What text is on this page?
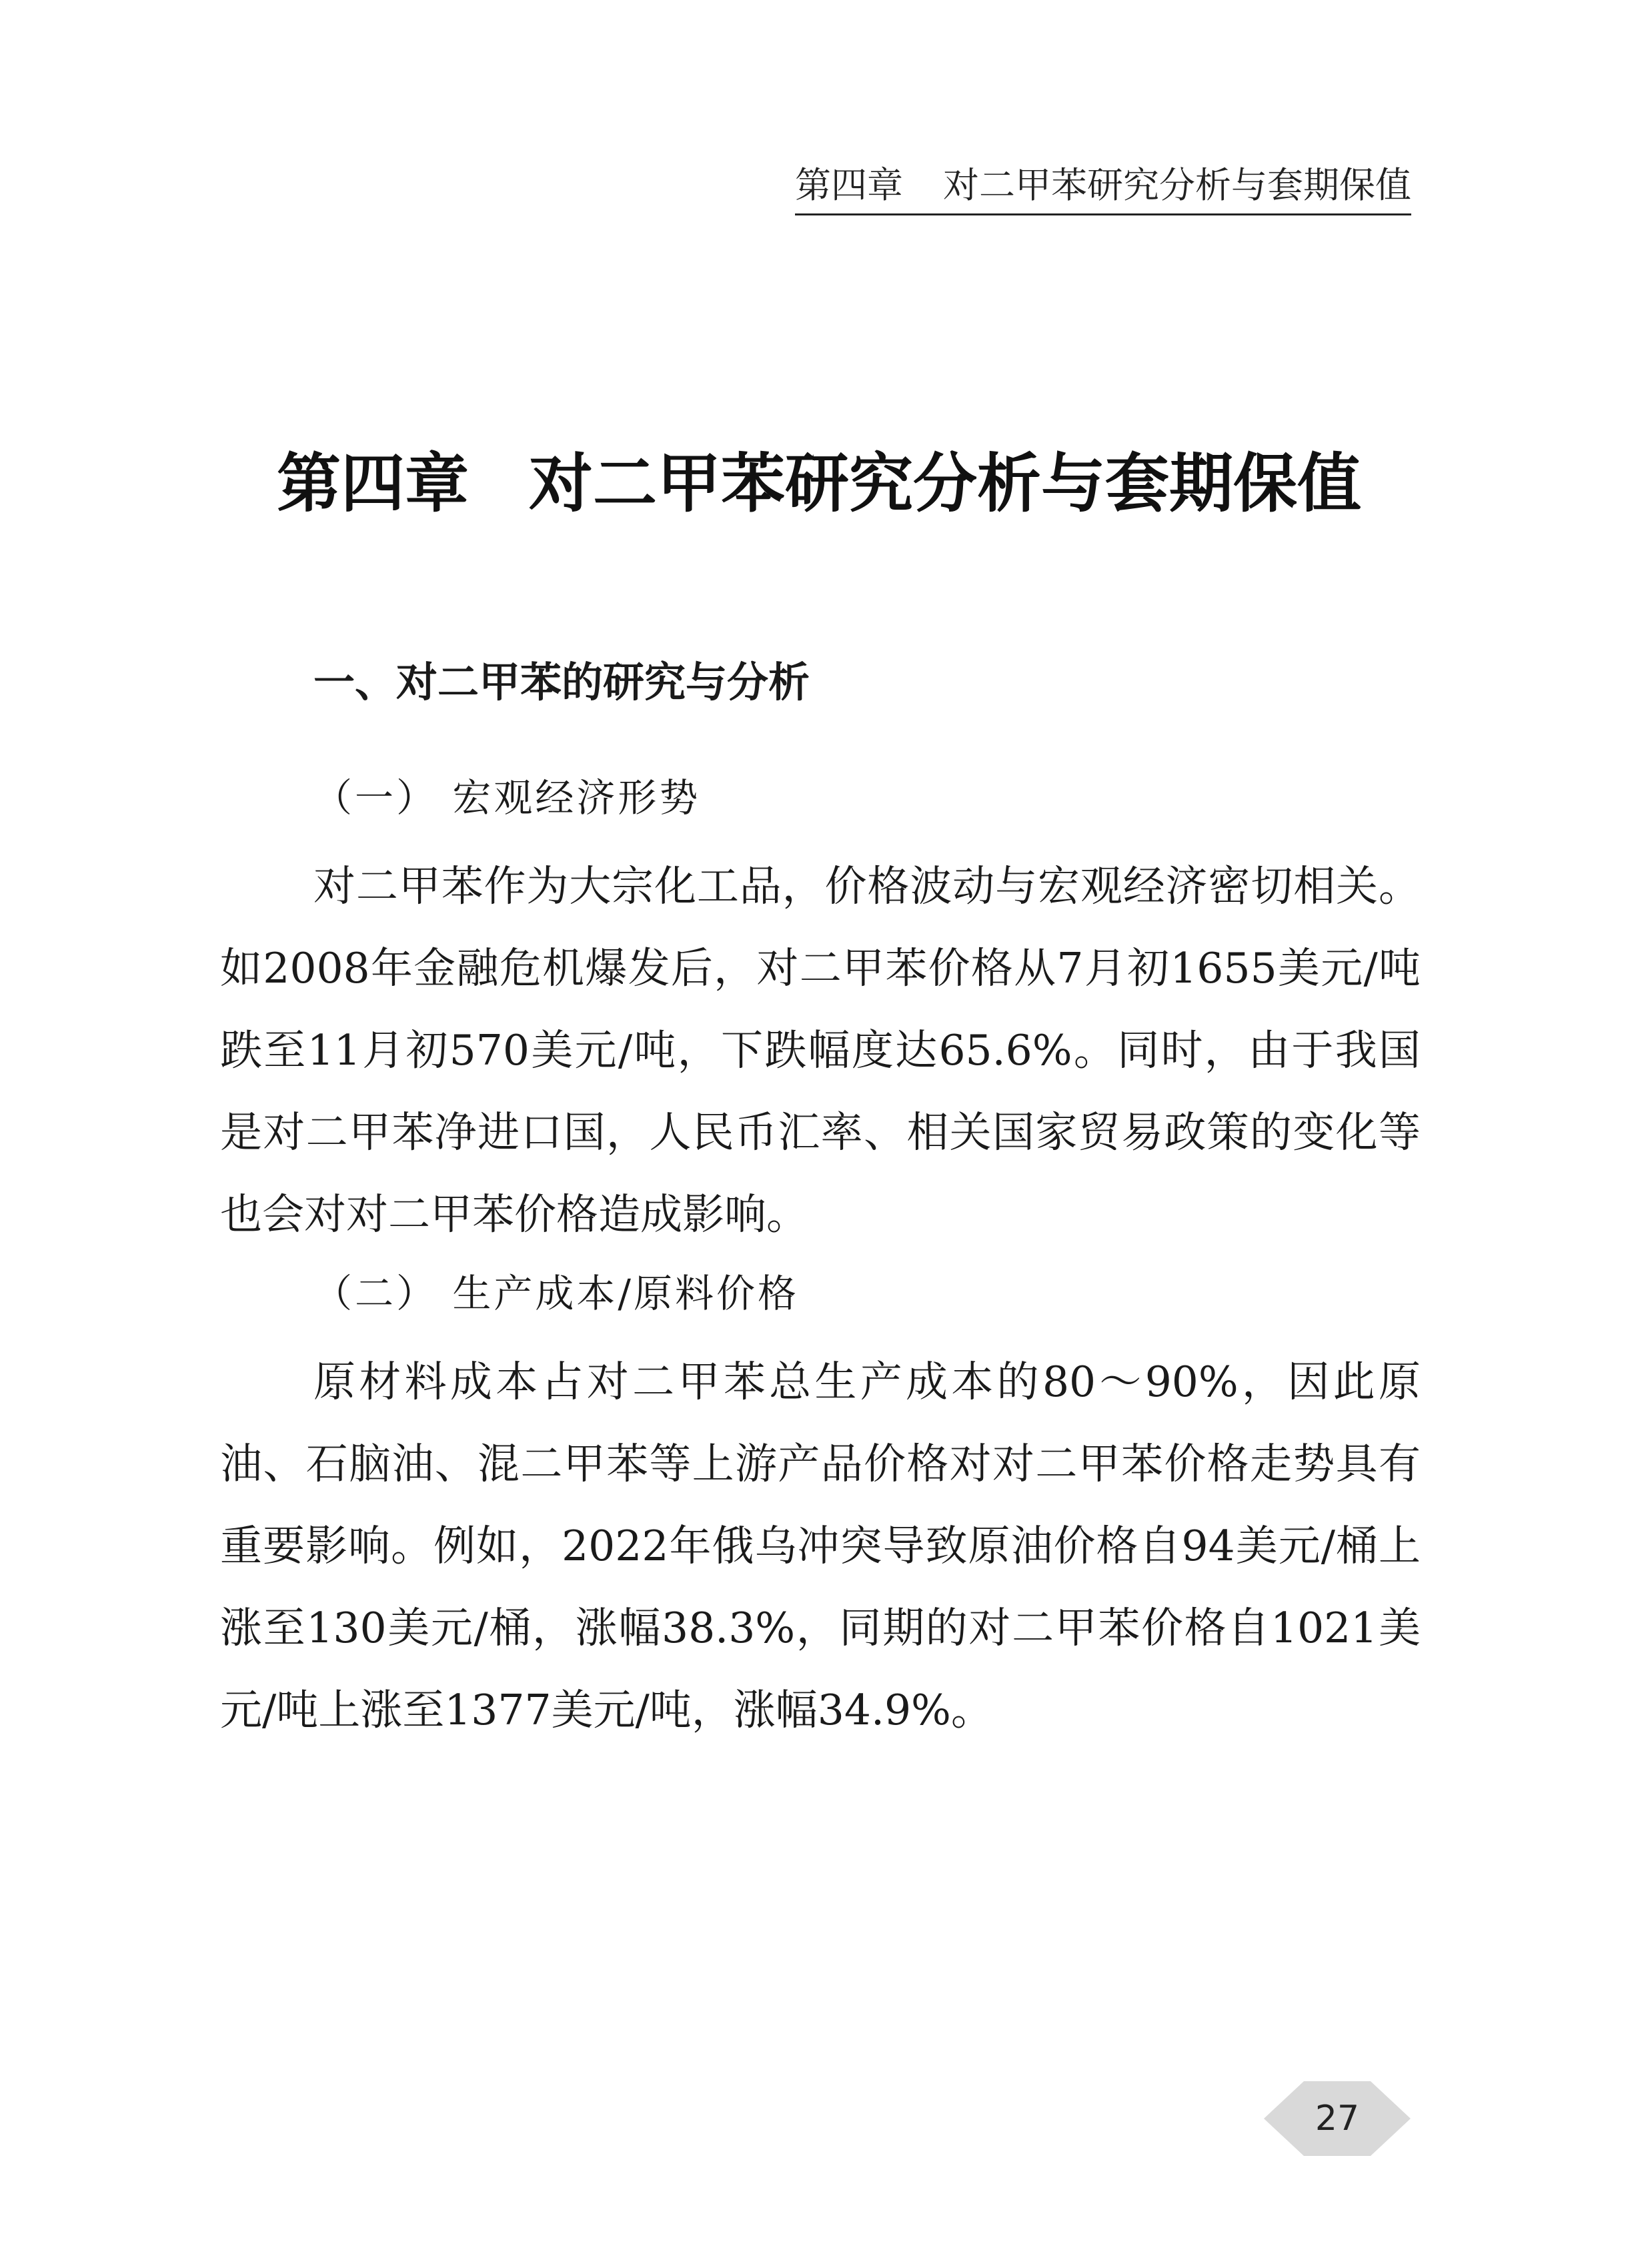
第四章 对二甲苯研究分析与套期保值
第四章 对二甲苯研究分析与套期保值
一、对二甲苯的研究与分析
（一） 宏观经济形势

对二甲苯作为大宗化工品，价格波动与宏观经济密切相关。如2008年金融危机爆发后，对二甲苯价格从7月初1655美元/吨跌至11月初570美元/吨，下跌幅度达65.6%。同时，由于我国是对二甲苯净进口国，人民币汇率、相关国家贸易政策的变化等也会对对二甲苯价格造成影响。

（二） 生产成本/原料价格

原材料成本占对二甲苯总生产成本的80～90%，因此原油、石脑油、混二甲苯等上游产品价格对对二甲苯价格走势具有重要影响。例如，2022年俄乌冲突导致原油价格自94美元/桶上涨至130美元/桶，涨幅38.3%，同期的对二甲苯价格自1021美元/吨上涨至1377美元/吨，涨幅34.9%。

27
